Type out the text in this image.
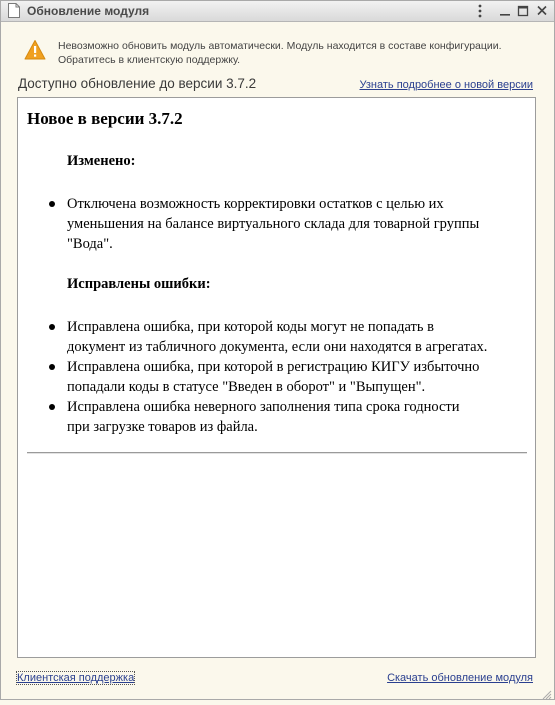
Обновление модуля
Невозможно обновить модуль автоматически. Модуль находится в составе конфигурации.
Обратитесь в клиентскую поддержку.
Доступно обновление до версии 3.7.2	Узнать подробнее о новой версии
Новое в версии 3.7.2
Изменено:
Отключена возможность корректировки остатков с целью их
уменьшения на балансе виртуального склада для товарной группы
"Вода".
Исправлены ошибки:
Исправлена ошибка, при которой коды могут не попадать в
документ из табличного документа, если они находятся в агрегатах.
Исправлена ошибка, при которой в регистрацию КИГУ избыточно
попадали коды в статусе "Введен в оборот" и "Выпущен".
Исправлена ошибка неверного заполнения типа срока годности
при загрузке товаров из файла.
Клиентская поддержка	Скачать обновление модуля
